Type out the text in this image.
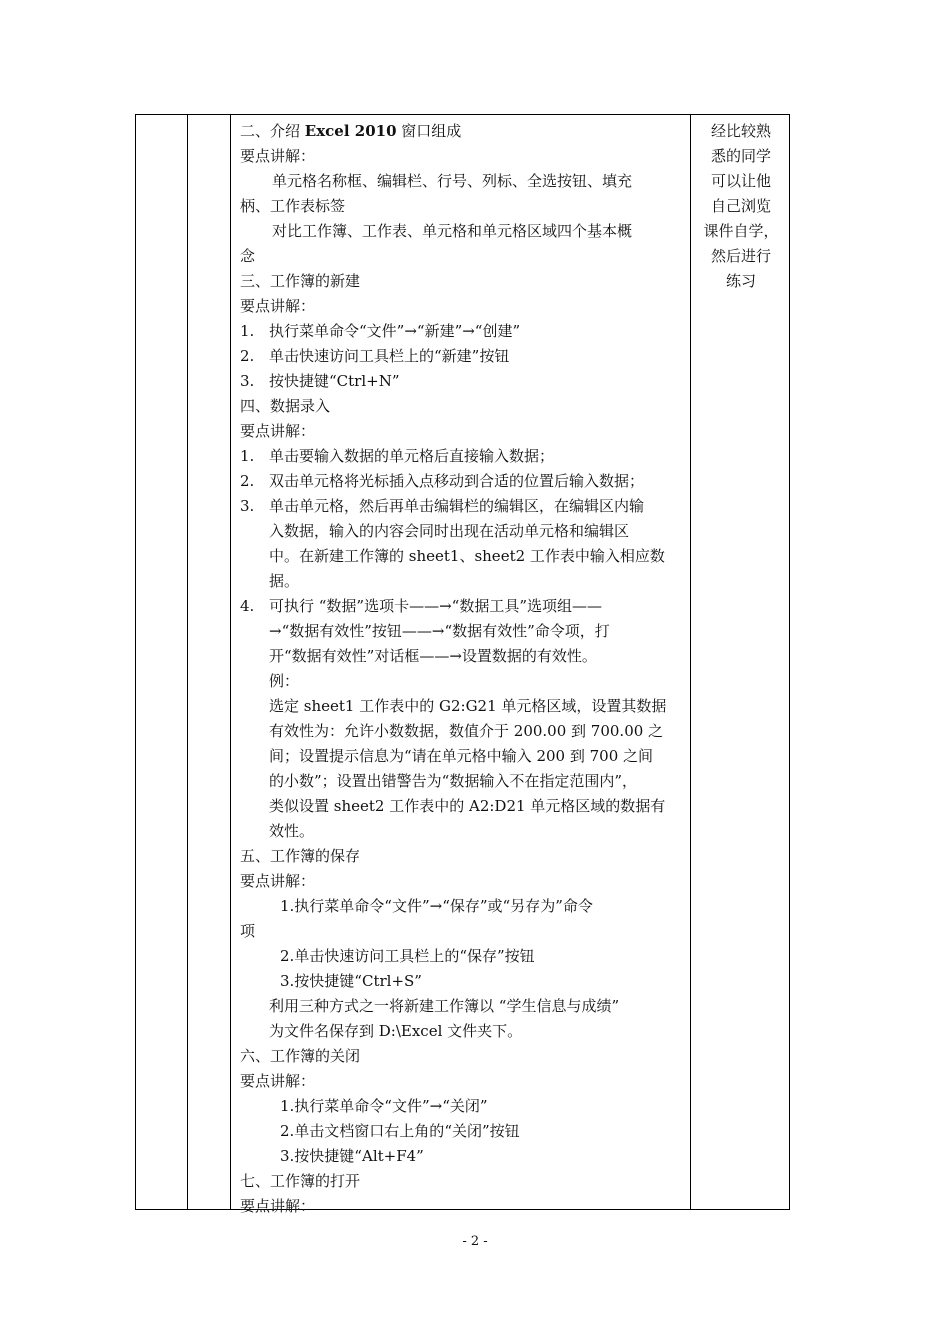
二、介绍 Excel 2010 窗口组成
要点讲解：
单元格名称框、编辑栏、行号、列标、全选按钮、填充
柄、工作表标签
对比工作簿、工作表、单元格和单元格区域四个基本概
念
三、工作簿的新建
要点讲解：
1. 执行菜单命令“文件”→“新建”→“创建”
2. 单击快速访问工具栏上的“新建”按钮
3. 按快捷键“Ctrl+N”
四、数据录入
要点讲解：
1. 单击要输入数据的单元格后直接输入数据；
2. 双击单元格将光标插入点移动到合适的位置后输入数据；
3. 单击单元格，然后再单击编辑栏的编辑区，在编辑区内输
入数据，输入的内容会同时出现在活动单元格和编辑区
中。在新建工作簿的 sheet1、sheet2 工作表中输入相应数
据。
4. 可执行 “数据”选项卡——→“数据工具”选项组——
→“数据有效性”按钮——→“数据有效性”命令项，打
开“数据有效性”对话框——→设置数据的有效性。
例：
选定 sheet1 工作表中的 G2:G21 单元格区域，设置其数据
有效性为：允许小数数据，数值介于 200.00 到 700.00 之
间；设置提示信息为“请在单元格中输入 200 到 700 之间
的小数”；设置出错警告为“数据输入不在指定范围内”，
类似设置 sheet2 工作表中的 A2:D21 单元格区域的数据有
效性。
五、工作簿的保存
要点讲解：
1.执行菜单命令“文件”→“保存”或“另存为”命令
项
2.单击快速访问工具栏上的“保存”按钮
3.按快捷键“Ctrl+S”
利用三种方式之一将新建工作簿以 “学生信息与成绩”
为文件名保存到 D:\Excel 文件夹下。
六、工作簿的关闭
要点讲解：
1.执行菜单命令“文件”→“关闭”
2.单击文档窗口右上角的“关闭”按钮
3.按快捷键“Alt+F4”
七、工作簿的打开
要点讲解：
经比较熟
悉的同学
可以让他
自己浏览
课件自学，
然后进行
练习
- 2 -
